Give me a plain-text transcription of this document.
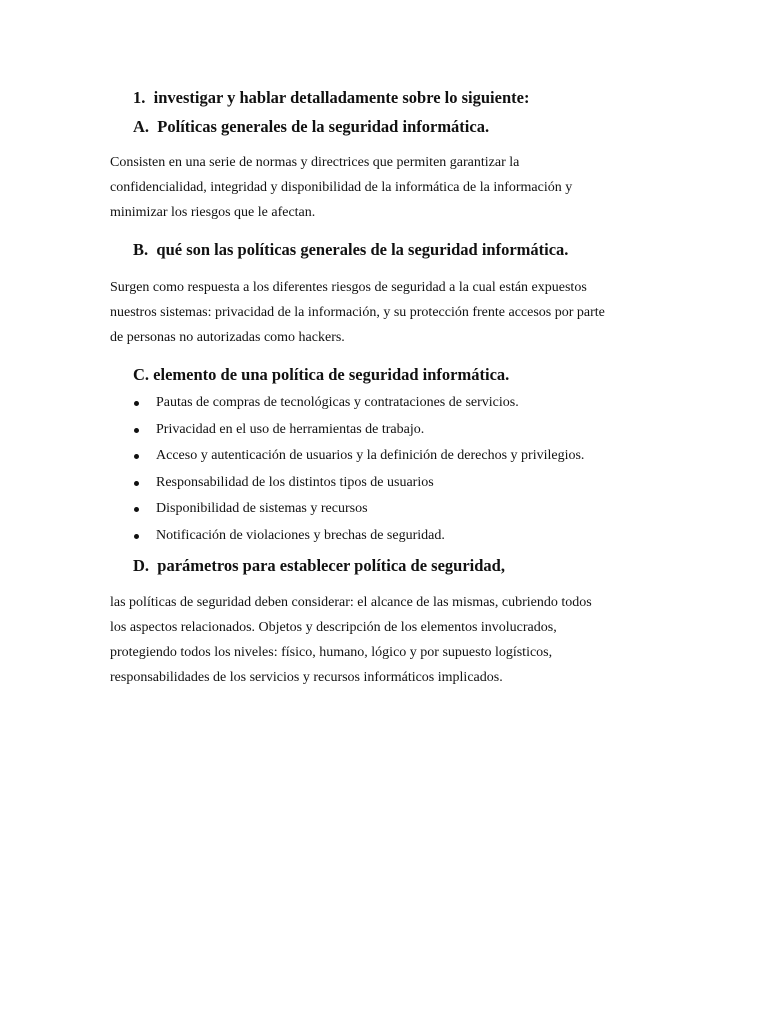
1. investigar y hablar detalladamente sobre lo siguiente:
A. Políticas generales de la seguridad informática.
Consisten en una serie de normas y directrices que permiten garantizar la
confidencialidad, integridad y disponibilidad de la informática de la información y
minimizar los riesgos que le afectan.
B. qué son las políticas generales de la seguridad informática.
Surgen como respuesta a los diferentes riesgos de seguridad a la cual están expuestos
nuestros sistemas: privacidad de la información, y su protección frente accesos por parte
de personas no autorizadas como hackers.
C. elemento de una política de seguridad informática.
Pautas de compras de tecnológicas y contrataciones de servicios.
Privacidad en el uso de herramientas de trabajo.
Acceso y autenticación de usuarios y la definición de derechos y privilegios.
Responsabilidad de los distintos tipos de usuarios
Disponibilidad de sistemas y recursos
Notificación de violaciones y brechas de seguridad.
D. parámetros para establecer política de seguridad,
las políticas de seguridad deben considerar: el alcance de las mismas, cubriendo todos
los aspectos relacionados. Objetos y descripción de los elementos involucrados,
protegiendo todos los niveles: físico, humano, lógico y por supuesto logísticos,
responsabilidades de los servicios y recursos informáticos implicados.
